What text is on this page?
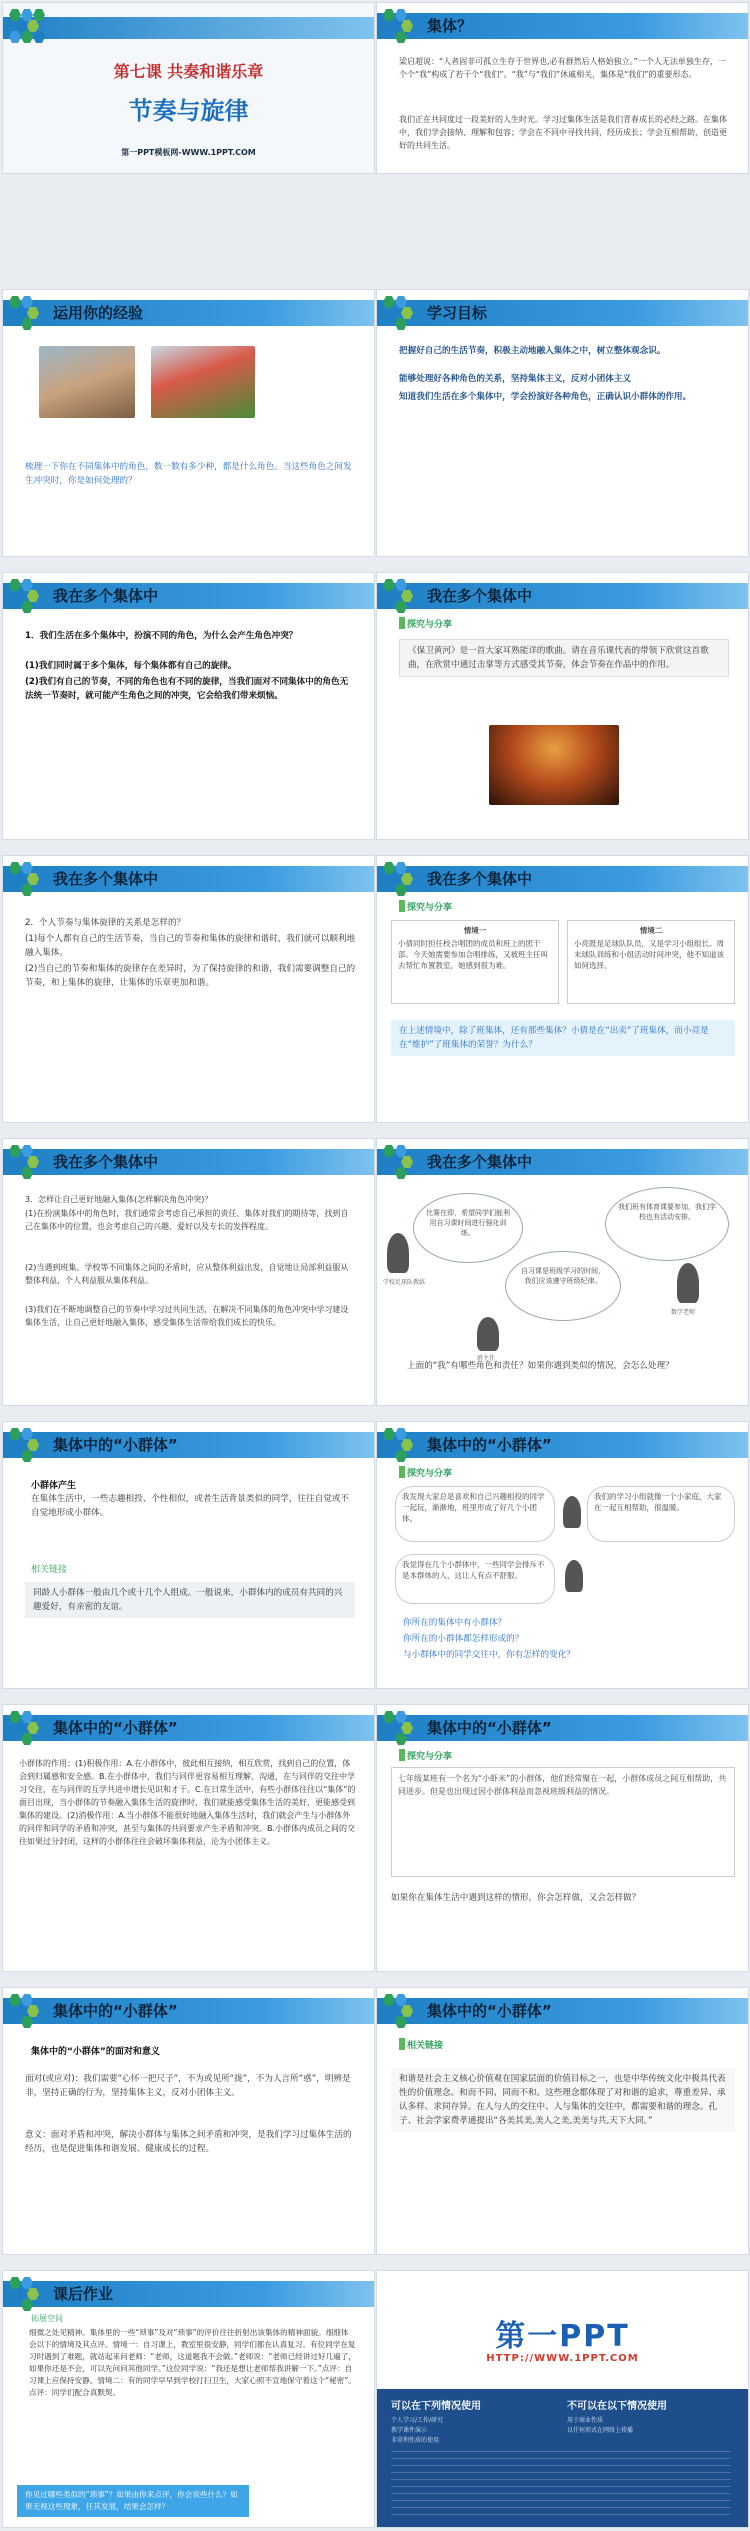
第七课 共奏和谐乐章
节奏与旋律
第一PPT模板网-WWW.1PPT.COM
集体？
梁启超说：“人者固非可孤立生存于世界也,必有群然后人格始独立。”一个人无法单独生存，一个个“我”构成了若干个“我们”。“我”与“我们”休戚相关，集体是“我们”的重要形态。
我们正在共同度过一段美好的人生时光。学习过集体生活是我们青春成长的必经之路。在集体中，我们学会接纳、理解和包容；学会在不同中寻找共同，经历成长；学会互相帮助，创造更好的共同生活。
运用你的经验
梳理一下你在不同集体中的角色，数一数有多少种，都是什么角色。当这些角色之间发生冲突时，你是如何处理的？
学习目标
把握好自己的生活节奏，积极主动地融入集体之中，树立整体观念识。
能够处理好各种角色的关系，坚持集体主义，反对小团体主义
知道我们生活在多个集体中，学会扮演好各种角色，正确认识小群体的作用。
我在多个集体中
1．我们生活在多个集体中，扮演不同的角色，为什么会产生角色冲突？
(1)我们同时属于多个集体，每个集体都有自己的旋律。
(2)我们有自己的节奏，不同的角色也有不同的旋律，当我们面对不同集体中的角色无法统一节奏时，就可能产生角色之间的冲突，它会给我们带来烦恼。
我在多个集体中
探究与分享
《保卫黄河》是一首大家耳熟能详的歌曲。请在音乐课代表的带领下欣赏这首歌曲，在欣赏中通过击掌等方式感受其节奏，体会节奏在作品中的作用。
我在多个集体中
2．个人节奏与集体旋律的关系是怎样的？
(1)每个人都有自己的生活节奏，当自己的节奏和集体的旋律和谐时，我们就可以顺利地融入集体。
(2)当自己的节奏和集体的旋律存在差异时，为了保持旋律的和谐，我们需要调整自己的节奏，和上集体的旋律，让集体的乐章更加和谐。
我在多个集体中
探究与分享
情境一
小倩同时担任校合唱团的成员和班上的团干部。今天她需要参加合唱排练，又被班主任叫去帮忙布置教室，她感到很为难。
情境二
小亮既是足球队队员，又是学习小组组长。周末球队训练和小组活动时间冲突，他不知道该如何选择。
在上述情境中，除了班集体，还有那些集体？小倩是在“出卖”了班集体，而小亮是在“维护”了班集体的荣誉？为什么？
我在多个集体中
3．怎样让自己更好地融入集体(怎样解决角色冲突)？
(1)在扮演集体中的角色时，我们通常会考虑自己承担的责任、集体对我们的期待等，找到自己在集体中的位置，也会考虑自己的兴趣、爱好以及专长的发挥程度。
(2)当遇到班集、学校等不同集体之间的矛盾时，应从整体利益出发，自觉地让局部利益服从整体利益，个人利益服从集体利益。
(3)我们在不断地调整自己的节奏中学习过共同生活，在解决不同集体的角色冲突中学习建设集体生活，让自己更好地融入集体，感受集体生活带给我们成长的快乐。
我在多个集体中
比赛在即，希望同学们能利用自习课时间进行强化训练。
我们班有体育课要参加，我们学校也有活动安排。
自习课是班级学习的时间，我们应该遵守班级纪律。
学校足球队教练
班主任
数学老师
上面的“我”有哪些角色和责任？如果你遇到类似的情况，会怎么处理？
集体中的“小群体”
小群体产生
在集体生活中，一些志趣相投、个性相似，或者生活背景类似的同学，往往自觉或不自觉地形成小群体。
相关链接
同龄人小群体一般由几个或十几个人组成。一般说来，小群体内的成员有共同的兴趣爱好，有亲密的友谊。
集体中的“小群体”
探究与分享
我发现大家总是喜欢和自己兴趣相投的同学一起玩，渐渐地，班里形成了好几个小团体。
我们的学习小组就像一个小家庭，大家在一起互相帮助，很温暖。
我觉得在几个小群体中，一些同学会排斥不是本群体的人，这让人有点不舒服。
你所在的集体中有小群体？
你所在的小群体都怎样形成的？
与小群体中的同学交往中，你有怎样的变化？
集体中的“小群体”
小群体的作用：(1)积极作用：A.在小群体中，彼此相互接纳，相互欣赏，找到自己的位置，体会到归属感和安全感。B.在小群体中，我们与同伴更容易相互理解、沟通，在与同伴的交往中学习交往，在与同伴的互学共进中增长见识和才干。C.在日常生活中，有些小群体往往以“集体”的面目出现，当小群体的节奏融入集体生活的旋律时，我们就能感受集体生活的美好，更能感受到集体的建设。(2)消极作用：A.当小群体不能很好地融入集体生活时，我们就会产生与小群体外的同伴和同学的矛盾和冲突，甚至与集体的共同要求产生矛盾和冲突。B.小群体内成员之间的交往如果过分封闭，这样的小群体往往会破坏集体利益，沦为小团体主义。
集体中的“小群体”
探究与分享
七年级某班有一个名为“小虾米”的小群体，他们经常聚在一起，小群体成员之间互相帮助，共同进步。但是也出现过因小群体利益而忽视班级利益的情况。
如果你在集体生活中遇到这样的情形，你会怎样做，又会怎样做？
集体中的“小群体”
集体中的“小群体”的面对和意义
面对(或应对)：我们需要“心怀一把尺子”，不为或见所“拢”，不为人言所“惑”，明辨是非，坚持正确的行为，坚持集体主义，反对小团体主义。
意义：面对矛盾和冲突，解决小群体与集体之间矛盾和冲突，是我们学习过集体生活的经历，也是促进集体和谐发展、健康成长的过程。
集体中的“小群体”
相关链接
和谐是社会主义核心价值观在国家层面的价值目标之一，也是中华传统文化中极具代表性的价值理念。和而不同、同而不和。这些理念都体现了对和谐的追求，尊重差异、承认多样、求同存异。在人与人的交往中、人与集体的交往中，都需要和谐的理念。孔子、社会学家费孝通提出“各美其美,美人之美,美美与共,天下大同。”
课后作业
拓展空间
细微之处见精神。集体里的一些“琐事”及对“琐事”的评价往往折射出该集体的精神面貌。细细体会以下的情境及其点评。情境一：自习课上，教室里很安静，同学们都在认真复习。有位同学在复习时遇到了难题，就站起来问老师：“老师，这道题我不会做。”老师说：“老师已经讲过好几遍了，如果你还是不会，可以先问问其他同学。”这位同学说：“我还是想让老师帮我讲解一下。”点评：自习课上应保持安静。情境二：有的同学早早到学校打扫卫生，大家心照不宣地保守着这个“秘密”。点评：同学们配合真默契。
你见过哪些类似的“琐事”？如果由你来点评，你会说些什么？如果无视这些现象，任其发展，结果会怎样？
第一PPT
HTTP://WWW.1PPT.COM
可以在下列情况使用	不可以在以下情况使用
个人学习/工作/研究
教学课件演示
非营利性质的使用
用于商业性质
以任何形式在网络上传播
